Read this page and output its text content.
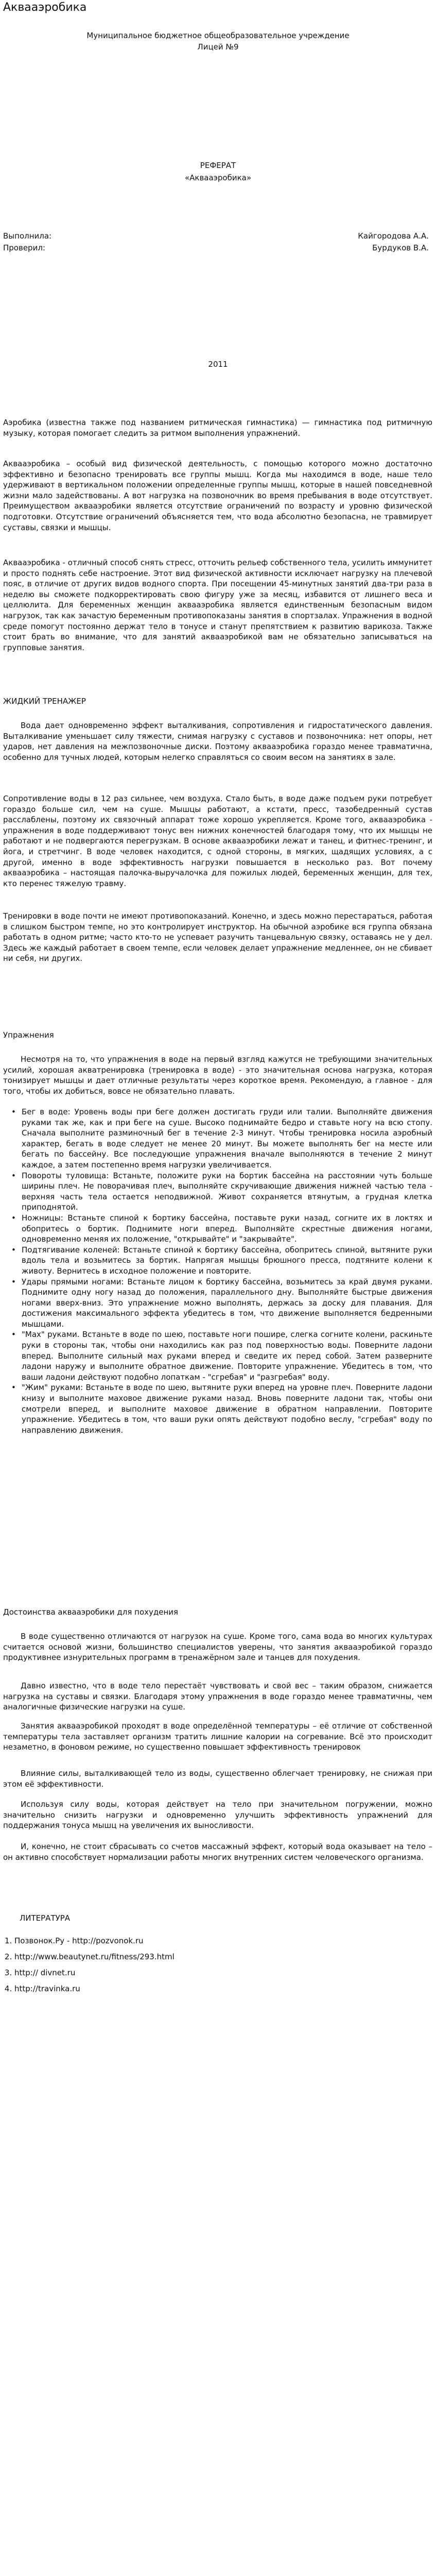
Аквааэробика
Муниципальное бюджетное общеобразовательное учреждение
Лицей №9
РЕФЕРАТ
«Аквааэробика»
Выполнила:
Проверил:
Кайгородова А.А.
Бурдуков В.А.
2011

Аэробика (известна также под названием ритмическая гимнастика) — гимнастика под ритмичную музыку, которая помогает следить за ритмом выполнения упражнений.

Аквааэробика – особый вид физической деятельность, с помощью которого можно достаточно эффективно и безопасно тренировать все группы мышц. Когда мы находимся в воде, наше тело удерживают в вертикальном положении определенные группы мышц, которые в нашей повседневной жизни мало задействованы. А вот нагрузка на позвоночник во время пребывания в воде отсутствует. Преимуществом аквааэробики является отсутствие ограничений по возрасту и уровню физической подготовки. Отсутствие ограничений объясняется тем, что вода абсолютно безопасна, не травмирует суставы, связки и мышцы.

Аквааэробика - отличный способ снять стресс, отточить рельеф собственного тела, усилить иммунитет и просто поднять себе настроение. Этот вид физической активности исключает нагрузку на плечевой пояс, в отличие от других видов водного спорта. При посещении 45-минутных занятий два-три раза в неделю вы сможете подкорректировать свою фигуру уже за месяц, избавится от лишнего веса и целлюлита. Для беременных женщин аквааэробика является единственным безопасным видом нагрузок, так как зачастую беременным противопоказаны занятия в спортзалах. Упражнения в водной среде помогут постоянно держат тело в тонусе и станут препятствием к развитию варикоза. Также стоит брать во внимание, что для занятий аквааэробикой вам не обязательно записываться на групповые занятия.

ЖИДКИЙ ТРЕНАЖЕР

Вода дает одновременно эффект выталкивания, сопротивления и гидростатического давления. Выталкивание уменьшает силу тяжести, снимая нагрузку с суставов и позвоночника: нет опоры, нет ударов, нет давления на межпозвоночные диски. Поэтому аквааэробика гораздо менее травматична, особенно для тучных людей, которым нелегко справляться со своим весом на занятиях в зале.

Сопротивление воды в 12 раз сильнее, чем воздуха. Стало быть, в воде даже подъем руки потребует гораздо больше сил, чем на суше. Мышцы работают, а кстати, пресс, тазобедренный сустав расслаблены, поэтому их связочный аппарат тоже хорошо укрепляется. Кроме того, аквааэробика - упражнения в воде поддерживают тонус вен нижних конечностей благодаря тому, что их мышцы не работают и не подвергаются перегрузкам. В основе аквааэробики лежат и танец, и фитнес-тренинг, и йога, и стретчинг. В воде человек находится, с одной стороны, в мягких, щадящих условиях, а с другой, именно в воде эффективность нагрузки повышается в несколько раз. Вот почему аквааэробика – настоящая палочка-выручалочка для пожилых людей, беременных женщин, для тех, кто перенес тяжелую травму.

Тренировки в воде почти не имеют противопоказаний. Конечно, и здесь можно перестараться, работая в слишком быстром темпе, но это контролирует инструктор. На обычной аэробике вся группа обязана работать в одном ритме; часто кто-то не успевает разучить танцевальную связку, оставаясь не у дел. Здесь же каждый работает в своем темпе, если человек делает упражнение медленнее, он не сбивает ни себя, ни других.

Упражнения

Несмотря на то, что упражнения в воде на первый взгляд кажутся не требующими значительных усилий, хорошая акватренировка (тренировка в воде) - это значительная основа нагрузка, которая тонизирует мышцы и дает отличные результаты через короткое время. Рекомендую, а главное - для того, чтобы их добиться, вовсе не обязательно плавать.

• Бег в воде: Уровень воды при беге должен достигать груди или талии. Выполняйте движения руками так же, как и при беге на суше. Высоко поднимайте бедро и ставьте ногу на всю стопу. Сначала выполните разминочный бег в течение 2-3 минут. Чтобы тренировка носила аэробный характер, бегать в воде следует не менее 20 минут. Вы можете выполнять бег на месте или бегать по бассейну. Все последующие упражнения вначале выполняются в течение 2 минут каждое, а затем постепенно время нагрузки увеличивается.
• Повороты туловища: Встаньте, положите руки на бортик бассейна на расстоянии чуть больше ширины плеч. Не поворачивая плеч, выполняйте скручивающие движения нижней частью тела - верхняя часть тела остается неподвижной. Живот сохраняется втянутым, а грудная клетка приподнятой.
• Ножницы: Встаньте спиной к бортику бассейна, поставьте руки назад, согните их в локтях и обопритесь о бортик. Поднимите ноги вперед. Выполняйте скрестные движения ногами, одновременно меняя их положение, "открывайте" и "закрывайте".
• Подтягивание коленей: Встаньте спиной к бортику бассейна, обопритесь спиной, вытяните руки вдоль тела и возьмитесь за бортик. Напрягая мышцы брюшного пресса, подтяните колени к животу. Вернитесь в исходное положение и повторите.
• Удары прямыми ногами: Встаньте лицом к бортику бассейна, возьмитесь за край двумя руками. Поднимите одну ногу назад до положения, параллельного дну. Выполняйте быстрые движения ногами вверх-вниз. Это упражнение можно выполнять, держась за доску для плавания. Для достижения максимального эффекта убедитесь в том, что движение выполняется бедренными мышцами.
• "Мах" руками. Встаньте в воде по шею, поставьте ноги пошире, слегка согните колени, раскиньте руки в стороны так, чтобы они находились как раз под поверхностью воды. Поверните ладони вперед. Выполните сильный мах руками вперед и сведите их перед собой. Затем разверните ладони наружу и выполните обратное движение. Повторите упражнение. Убедитесь в том, что ваши ладони действуют подобно лопаткам - "сгребая" и "разгребая" воду.
• "Жим" руками: Встаньте в воде по шею, вытяните руки вперед на уровне плеч. Поверните ладони книзу и выполните маховое движение руками назад. Вновь поверните ладони так, чтобы они смотрели вперед, и выполните маховое движение в обратном направлении. Повторите упражнение. Убедитесь в том, что ваши руки опять действуют подобно веслу, "сгребая" воду по направлению движения.
Достоинства аквааэробики для похудения

В воде существенно отличаются от нагрузок на суше. Кроме того, сама вода во многих культурах считается основой жизни, большинство специалистов уверены, что занятия аквааэробикой гораздо продуктивнее изнурительных программ в тренажёрном зале и танцев для похудения.

Давно известно, что в воде тело перестаёт чувствовать и свой вес – таким образом, снижается нагрузка на суставы и связки. Благодаря этому упражнения в воде гораздо менее травматичны, чем аналогичные физические нагрузки на суше.

Занятия аквааэробикой проходят в воде определённой температуры – её отличие от собственной температуры тела заставляет организм тратить лишние калории на согревание. Всё это происходит незаметно, в фоновом режиме, но существенно повышает эффективность тренировок

Влияние силы, выталкивающей тело из воды, существенно облегчает тренировку, не снижая при этом её эффективности.

Используя силу воды, которая действует на тело при значительном погружении, можно значительно снизить нагрузки и одновременно улучшить эффективность упражнений для поддержания тонуса мышц на увеличения их выносливости.

И, конечно, не стоит сбрасывать со счетов массажный эффект, который вода оказывает на тело – он активно способствует нормализации работы многих внутренних систем человеческого организма.

ЛИТЕРАТУРА
1. Позвонок.Ру - http://pozvonok.ru
2. http://www.beautynet.ru/fitness/293.html
3. http:// divnet.ru
4. http://travinka.ru
